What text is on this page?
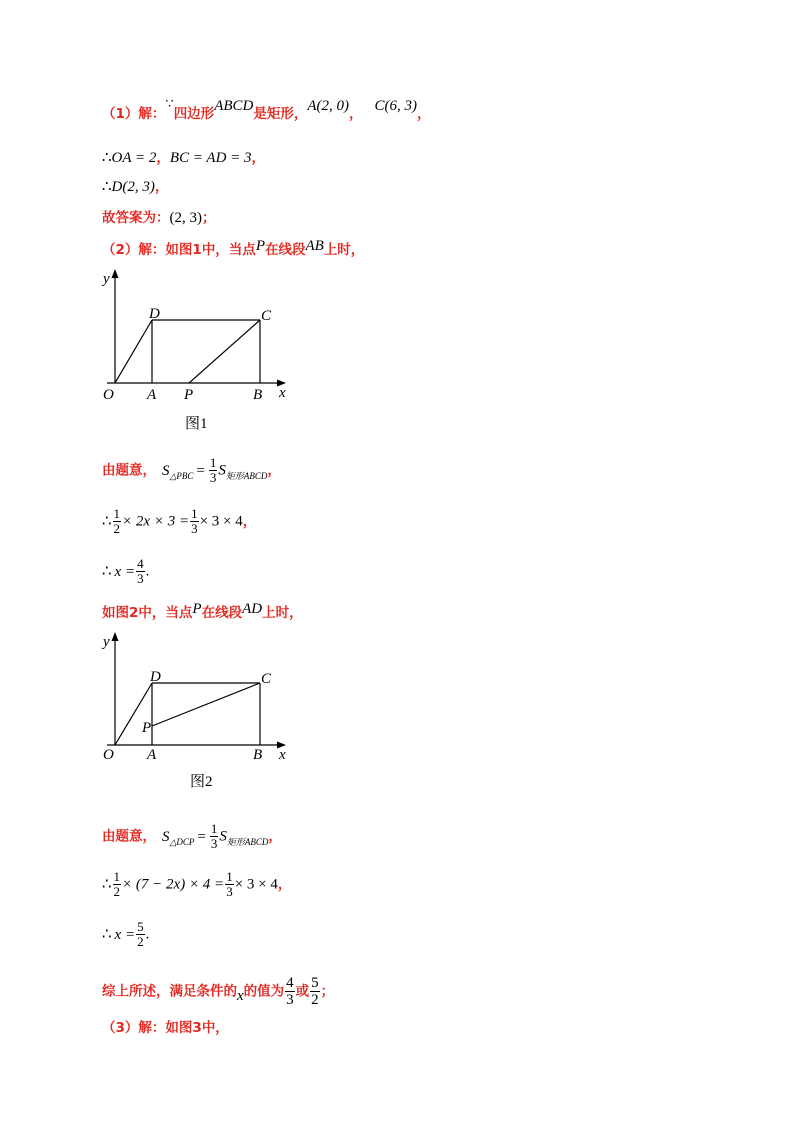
（1）解：∵四边形ABCD是矩形，A(2, 0)， C(6, 3)，
∴OA = 2，BC = AD = 3，
∴D(2, 3)，
故答案为：(2, 3)；
（2）解：如图1中，当点P在线段AB上时，
y
x
O A P	B
D	C
图1
由题意， $S_{\triangle PBC} = \frac{1}{3} S_{矩形ABCD}$，
∴ $\frac{1}{2} \times 2x \times 3 = \frac{1}{3} \times 3 \times 4$，
∴ $x = \frac{4}{3}$ .
如图2中，当点P在线段AD上时，
y
x
O A
P
B
D	C
图2
由题意， $S_{\triangle DCP} = \frac{1}{3} S_{矩形ABCD}$，
∴ $\frac{1}{2} \times (7 - 2x) \times 4 = \frac{1}{3} \times 3 \times 4$，
∴ $x = \frac{5}{2}$ .
综上所述，满足条件的x的值为 $\frac{4}{3}$ 或 $\frac{5}{2}$ ；
（3）解：如图3中，
